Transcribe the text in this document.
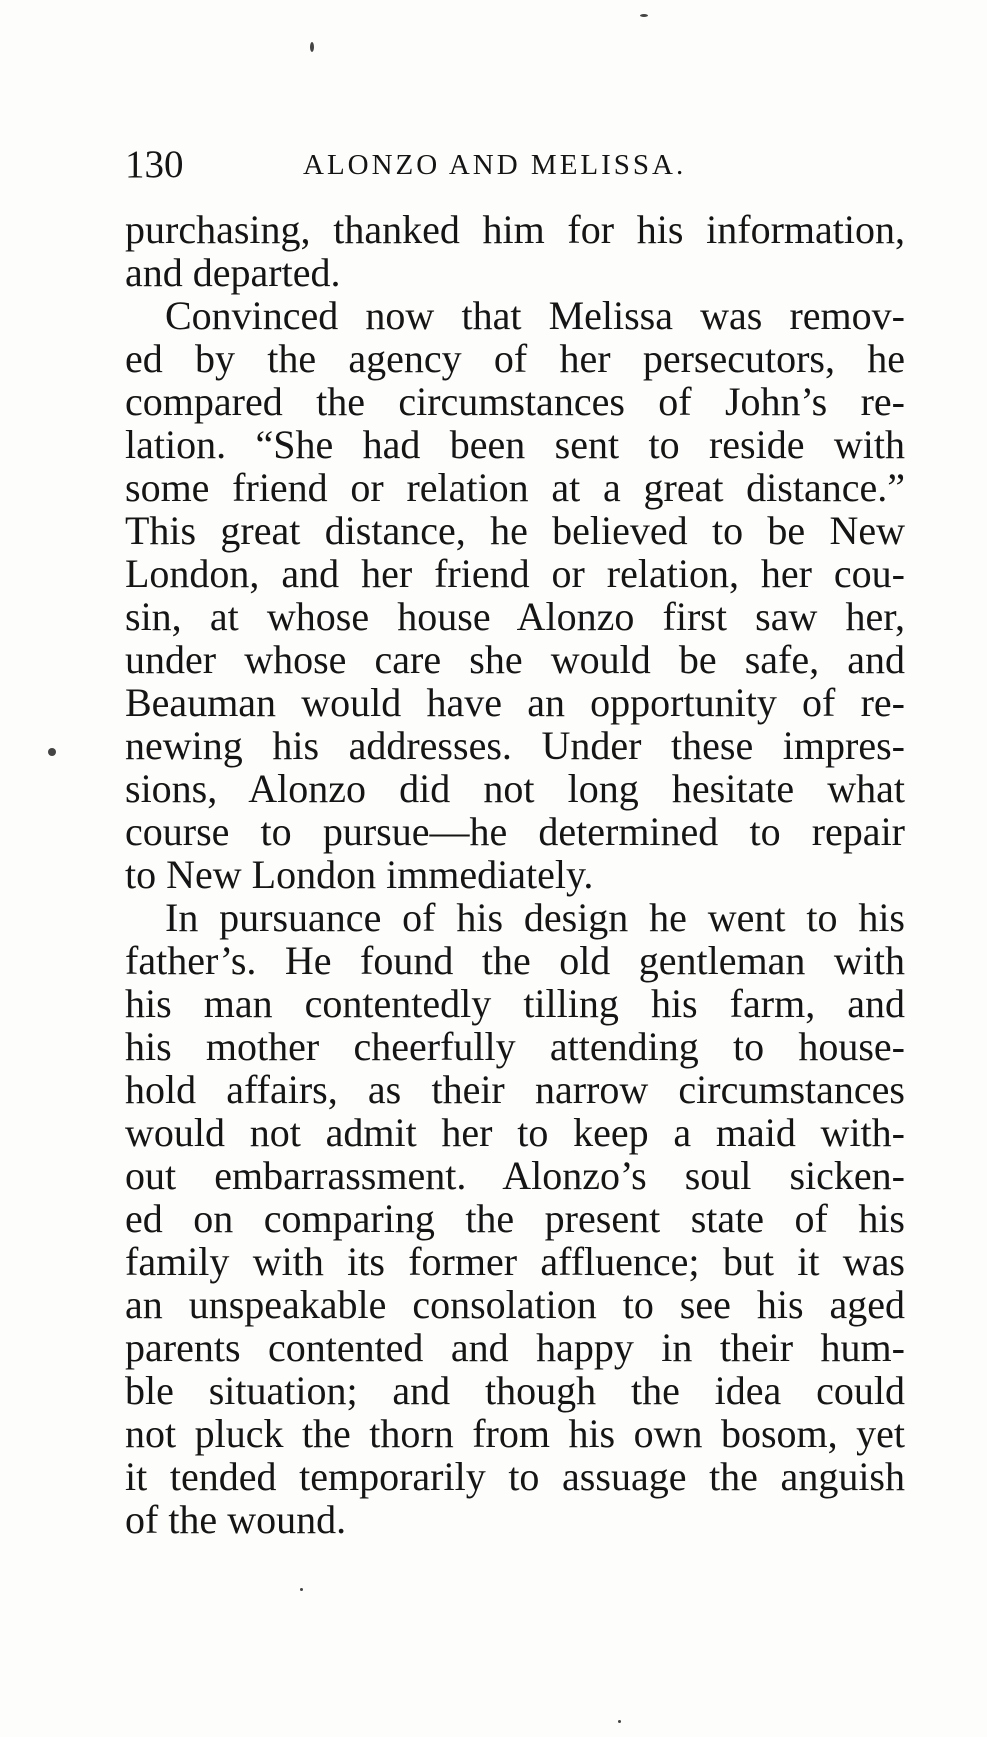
130	ALONZO AND MELISSA.
purchasing, thanked him for his information,
and departed.
Convinced now that Melissa was remov-
ed by the agency of her persecutors, he
compared the circumstances of John’s re-
lation. “She had been sent to reside with
some friend or relation at a great distance.”
This great distance, he believed to be New
London, and her friend or relation, her cou-
sin, at whose house Alonzo first saw her,
under whose care she would be safe, and
Beauman would have an opportunity of re-
newing his addresses. Under these impres-
sions, Alonzo did not long hesitate what
course to pursue—he determined to repair
to New London immediately.
In pursuance of his design he went to his
father’s. He found the old gentleman with
his man contentedly tilling his farm, and
his mother cheerfully attending to house-
hold affairs, as their narrow circumstances
would not admit her to keep a maid with-
out embarrassment. Alonzo’s soul sicken-
ed on comparing the present state of his
family with its former affluence; but it was
an unspeakable consolation to see his aged
parents contented and happy in their hum-
ble situation; and though the idea could
not pluck the thorn from his own bosom, yet
it tended temporarily to assuage the anguish
of the wound.
